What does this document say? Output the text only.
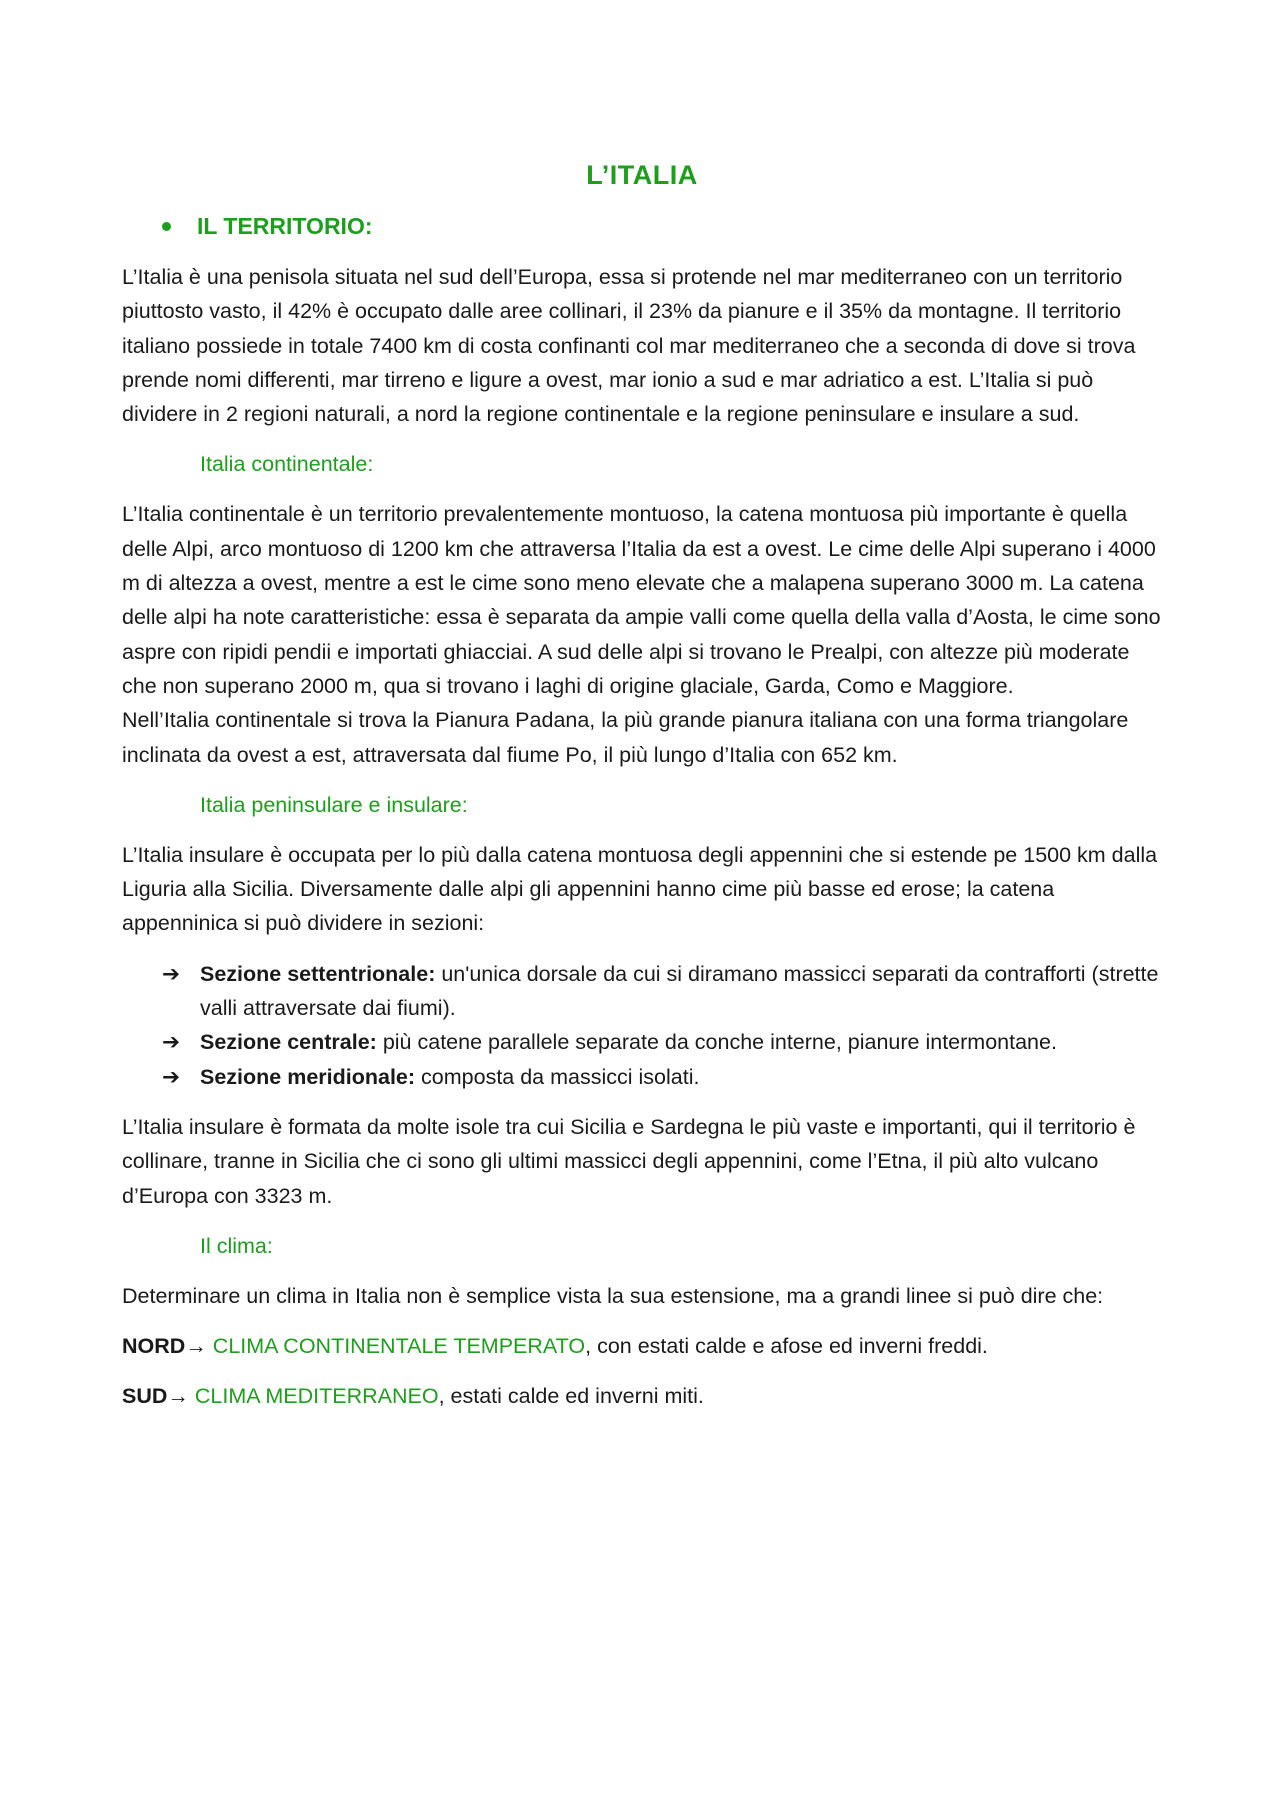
L’ITALIA
IL TERRITORIO:

L’Italia è una penisola situata nel sud dell’Europa, essa si protende nel mar mediterraneo con un territorio piuttosto vasto, il 42% è occupato dalle aree collinari, il 23% da pianure e il 35% da montagne. Il territorio italiano possiede in totale 7400 km di costa confinanti col mar mediterraneo che a seconda di dove si trova prende nomi differenti, mar tirreno e ligure a ovest, mar ionio a sud e mar adriatico a est. L’Italia si può dividere in 2 regioni naturali, a nord la regione continentale e la regione peninsulare e insulare a sud.

Italia continentale:

L’Italia continentale è un territorio prevalentemente montuoso, la catena montuosa più importante è quella delle Alpi, arco montuoso di 1200 km che attraversa l’Italia da est a ovest. Le cime delle Alpi superano i 4000 m di altezza a ovest, mentre a est le cime sono meno elevate che a malapena superano 3000 m. La catena delle alpi ha note caratteristiche: essa è separata da ampie valli come quella della valla d’Aosta, le cime sono aspre con ripidi pendii e importati ghiacciai. A sud delle alpi si trovano le Prealpi, con altezze più moderate che non superano 2000 m, qua si trovano i laghi di origine glaciale, Garda, Como e Maggiore.

Nell’Italia continentale si trova la Pianura Padana, la più grande pianura italiana con una forma triangolare inclinata da ovest a est, attraversata dal fiume Po, il più lungo d’Italia con 652 km.

Italia peninsulare e insulare:

L’Italia insulare è occupata per lo più dalla catena montuosa degli appennini che si estende pe 1500 km dalla Liguria alla Sicilia. Diversamente dalle alpi gli appennini hanno cime più basse ed erose; la catena appenninica si può dividere in sezioni:

➔ Sezione settentrionale: un'unica dorsale da cui si diramano massicci separati da contrafforti (strette valli attraversate dai fiumi).
➔ Sezione centrale: più catene parallele separate da conche interne, pianure intermontane.
➔ Sezione meridionale: composta da massicci isolati.

L’Italia insulare è formata da molte isole tra cui Sicilia e Sardegna le più vaste e importanti, qui il territorio è collinare, tranne in Sicilia che ci sono gli ultimi massicci degli appennini, come l’Etna, il più alto vulcano d’Europa con 3323 m.

Il clima:

Determinare un clima in Italia non è semplice vista la sua estensione, ma a grandi linee si può dire che:

NORD→ CLIMA CONTINENTALE TEMPERATO, con estati calde e afose ed inverni freddi.

SUD→ CLIMA MEDITERRANEO, estati calde ed inverni miti.
